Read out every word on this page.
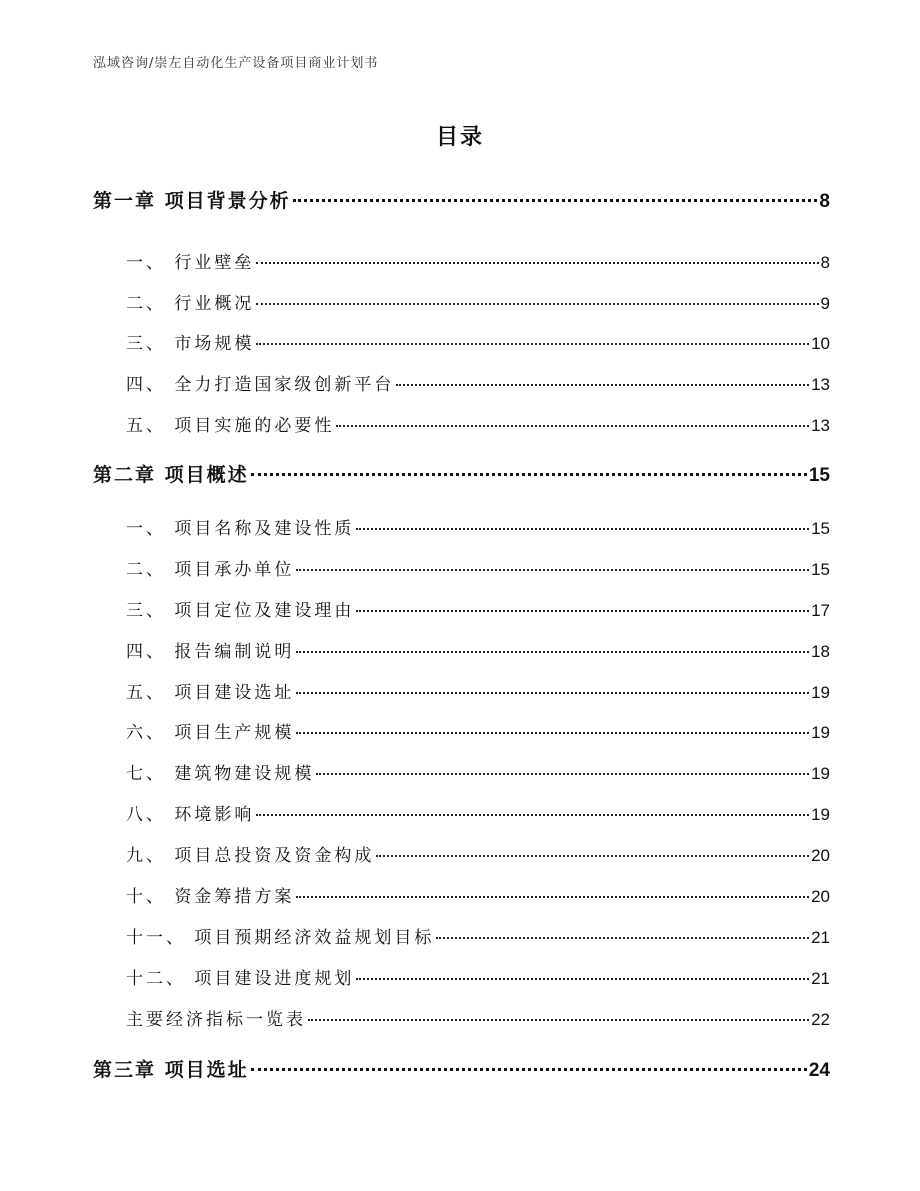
泓域咨询/崇左自动化生产设备项目商业计划书
目录
第一章 项目背景分析	8
一、 行业壁垒	8
二、 行业概况	9
三、 市场规模	10
四、 全力打造国家级创新平台	13
五、 项目实施的必要性	13
第二章 项目概述	15
一、 项目名称及建设性质	15
二、 项目承办单位	15
三、 项目定位及建设理由	17
四、 报告编制说明	18
五、 项目建设选址	19
六、 项目生产规模	19
七、 建筑物建设规模	19
八、 环境影响	19
九、 项目总投资及资金构成	20
十、 资金筹措方案	20
十一、 项目预期经济效益规划目标	21
十二、 项目建设进度规划	21
主要经济指标一览表	22
第三章 项目选址	24
